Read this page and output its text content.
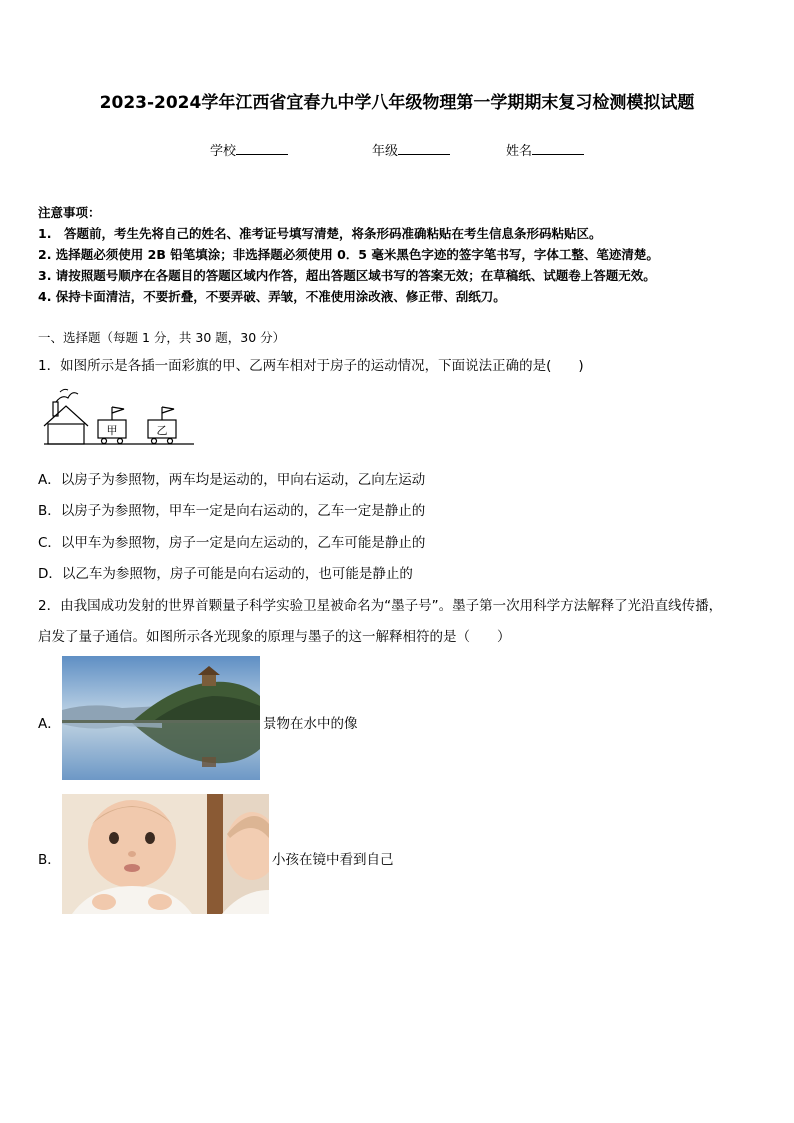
2023-2024学年江西省宜春九中学八年级物理第一学期期末复习检测模拟试题
学校	年级	姓名
注意事项：
1.　答题前，考生先将自己的姓名、准考证号填写清楚，将条形码准确粘贴在考生信息条形码粘贴区。
2. 选择题必须使用 2B 铅笔填涂；非选择题必须使用 0．5 毫米黑色字迹的签字笔书写，字体工整、笔迹清楚。
3. 请按照题号顺序在各题目的答题区域内作答，超出答题区域书写的答案无效；在草稿纸、试题卷上答题无效。
4. 保持卡面清洁，不要折叠，不要弄破、弄皱，不准使用涂改液、修正带、刮纸刀。
一、选择题（每题 1 分，共 30 题，30 分）
1．如图所示是各插一面彩旗的甲、乙两车相对于房子的运动情况，下面说法正确的是(　　)
甲	乙
A．以房子为参照物，两车均是运动的，甲向右运动，乙向左运动
B．以房子为参照物，甲车一定是向右运动的，乙车一定是静止的
C．以甲车为参照物，房子一定是向左运动的，乙车可能是静止的
D．以乙车为参照物，房子可能是向右运动的，也可能是静止的
2．由我国成功发射的世界首颗量子科学实验卫星被命名为“墨子号”。墨子第一次用科学方法解释了光沿直线传播，
启发了量子通信。如图所示各光现象的原理与墨子的这一解释相符的是（　　）
A．	景物在水中的像
B．	小孩在镜中看到自己
